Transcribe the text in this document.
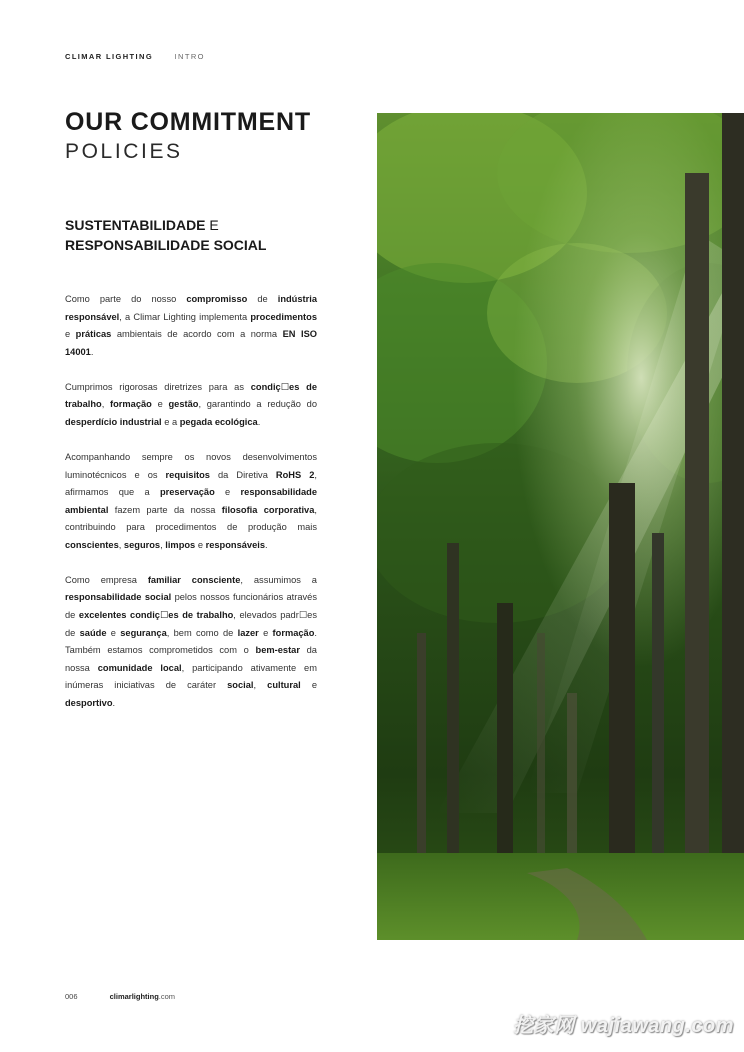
CLIMAR LIGHTING	INTRO
OUR COMMITMENT
POLICIES
SUSTENTABILIDADE E
RESPONSABILIDADE SOCIAL

Como parte do nosso compromisso de indústria responsável, a Climar Lighting implementa procedimentos e práticas ambientais de acordo com a norma EN ISO 14001.

Cumprimos rigorosas diretrizes para as condiç☐es de trabalho, formação e gestão, garantindo a redução do desperdício industrial e a pegada ecológica.

Acompanhando sempre os novos desenvolvimentos luminotécnicos e os requisitos da Diretiva RoHS 2, afirmamos que a preservação e responsabilidade ambiental fazem parte da nossa filosofia corporativa, contribuindo para procedimentos de produção mais conscientes, seguros, limpos e responsáveis.

Como empresa familiar consciente, assumimos a responsabilidade social pelos nossos funcionários através de excelentes condiç☐es de trabalho, elevados padr☐es de saúde e segurança, bem como de lazer e formação. Também estamos comprometidos com o bem-estar da nossa comunidade local, participando ativamente em inúmeras iniciativas de caráter social, cultural e desportivo.

006	climarlighting.com
挖家网 wajiawang.com
